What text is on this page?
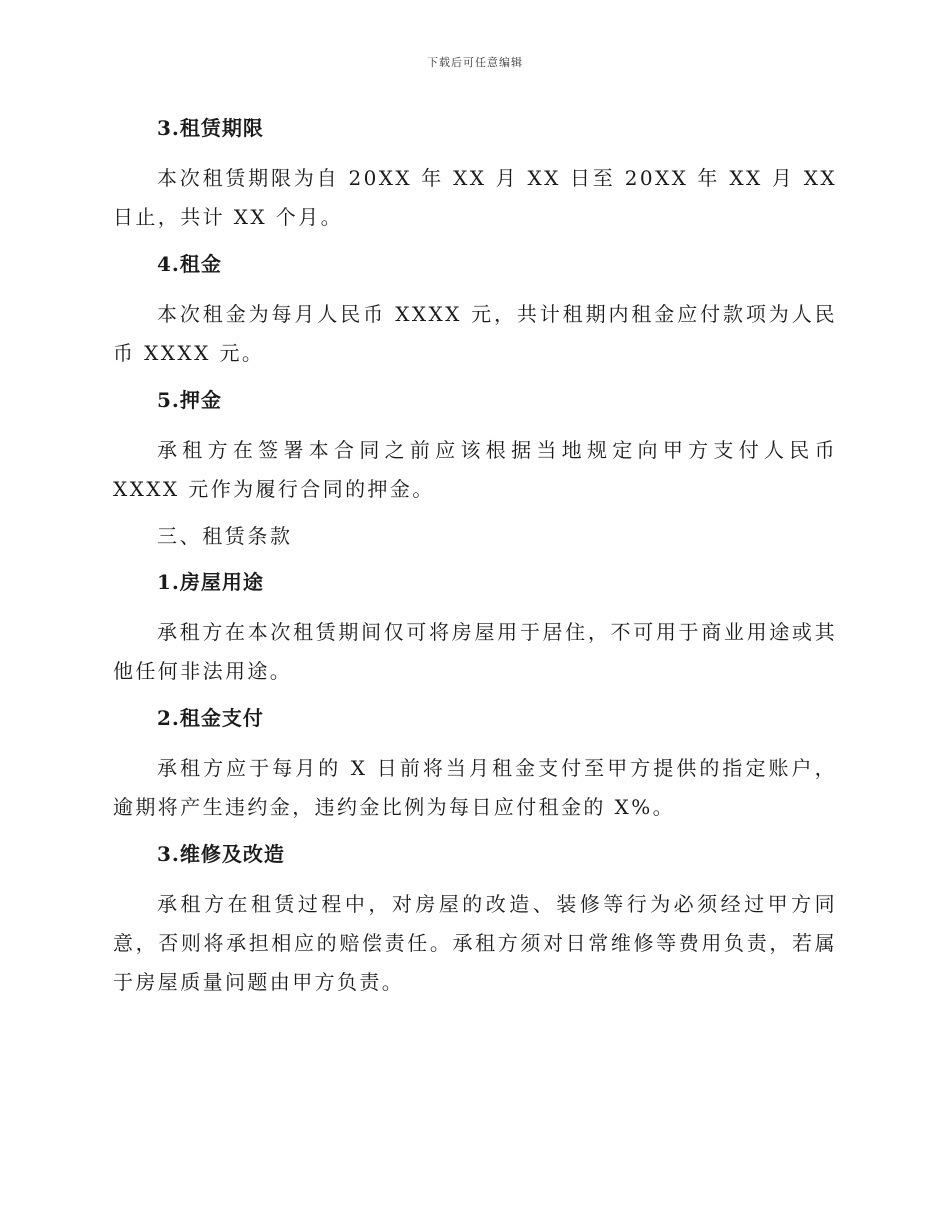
下载后可任意编辑
3.租赁期限

本次租赁期限为自 20XX 年 XX 月 XX 日至 20XX 年 XX 月 XX 日止，共计 XX 个月。

4.租金

本次租金为每月人民币 XXXX 元，共计租期内租金应付款项为人民币 XXXX 元。

5.押金

承租方在签署本合同之前应该根据当地规定向甲方支付人民币 XXXX 元作为履行合同的押金。

三、租赁条款
1.房屋用途

承租方在本次租赁期间仅可将房屋用于居住，不可用于商业用途或其他任何非法用途。

2.租金支付

承租方应于每月的 X 日前将当月租金支付至甲方提供的指定账户，逾期将产生违约金，违约金比例为每日应付租金的 X%。

3.维修及改造

承租方在租赁过程中，对房屋的改造、装修等行为必须经过甲方同意，否则将承担相应的赔偿责任。承租方须对日常维修等费用负责，若属于房屋质量问题由甲方负责。
